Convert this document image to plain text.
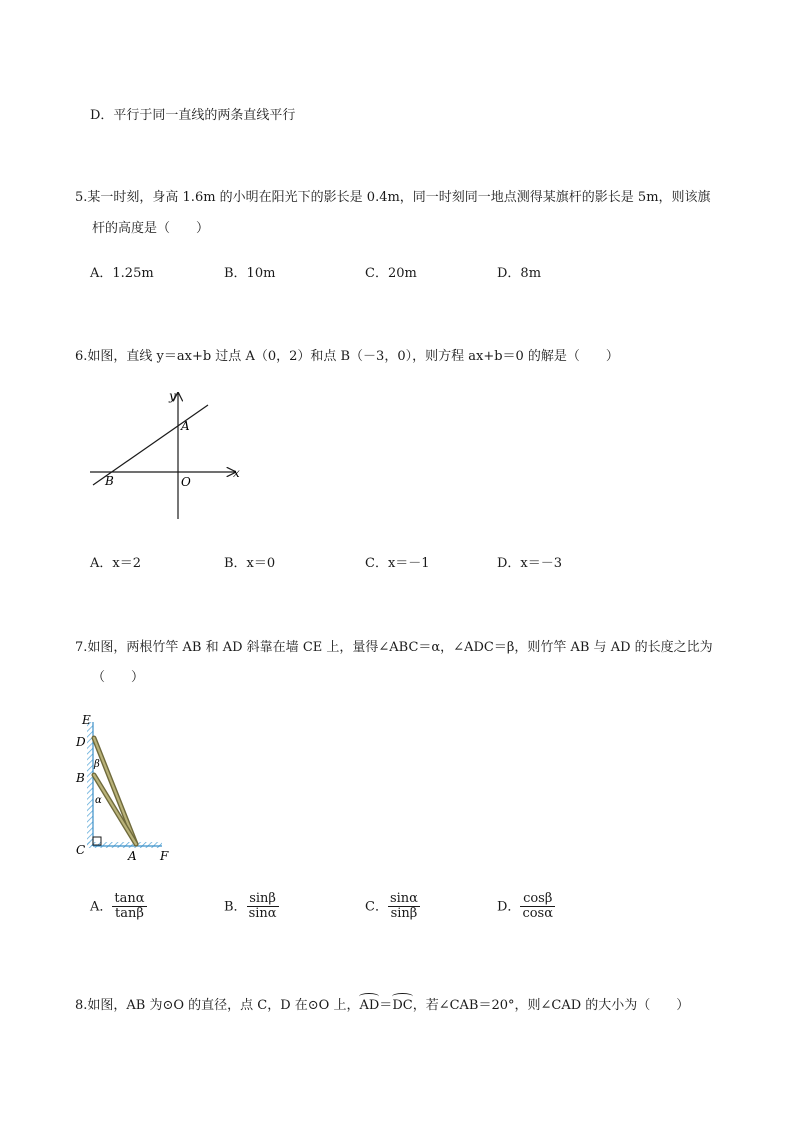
D．平行于同一直线的两条直线平行
5.某一时刻，身高 1.6m 的小明在阳光下的影长是 0.4m，同一时刻同一地点测得某旗杆的影长是 5m，则该旗
杆的高度是（　　）
A．1.25m	B．10m	C．20m	D．8m
6.如图，直线 y＝ax+b 过点 A（0，2）和点 B（－3，0），则方程 ax+b＝0 的解是（　　）
y
x
A
B	O
A．x＝2	B．x＝0	C．x＝－1	D．x＝－3
7.如图，两根竹竿 AB 和 AD 斜靠在墙 CE 上，量得∠ABC＝α，∠ADC＝β，则竹竿 AB 与 AD 的长度之比为
（　　）
E
D
B
C	A F
β
α
A． $\frac{\tan\alpha}{\tan\beta}$	B． $\frac{\sin\beta}{\sin\alpha}$	C． $\frac{\sin\alpha}{\sin\beta}$	D． $\frac{\cos\beta}{\cos\alpha}$
8.如图，AB 为⊙O 的直径，点 C，D 在⊙O 上，AD＝DC，若∠CAB＝20°，则∠CAD 的大小为（　　）
